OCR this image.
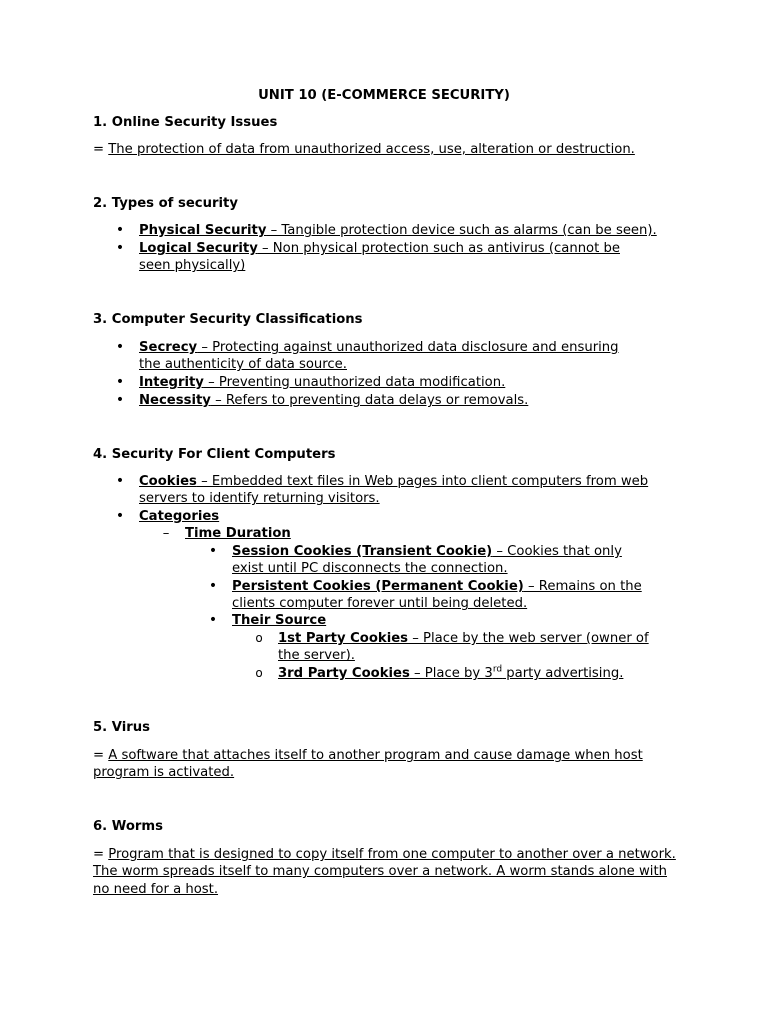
UNIT 10 (E-COMMERCE SECURITY)

1. Online Security Issues

= The protection of data from unauthorized access, use, alteration or destruction.

2. Types of security

•
Physical Security – Tangible protection device such as alarms (can be seen).
•
Logical Security – Non physical protection such as antivirus (cannot be seen physically)

3. Computer Security Classifications

•
Secrecy – Protecting against unauthorized data disclosure and ensuring the authenticity of data source.
•
Integrity – Preventing unauthorized data modification.
•
Necessity – Refers to preventing data delays or removals.

4. Security For Client Computers

•
Cookies – Embedded text files in Web pages into client computers from web servers to identify returning visitors.
•
Categories
–
Time Duration
•
Session Cookies (Transient Cookie) – Cookies that only exist until PC disconnects the connection.
•
Persistent Cookies (Permanent Cookie) – Remains on the clients computer forever until being deleted.
•
Their Source
o
1st Party Cookies – Place by the web server (owner of the server).
o
3rd Party Cookies – Place by 3rd party advertising.

5. Virus

= A software that attaches itself to another program and cause damage when host program is activated.

6. Worms

= Program that is designed to copy itself from one computer to another over a network. The worm spreads itself to many computers over a network. A worm stands alone with no need for a host.
